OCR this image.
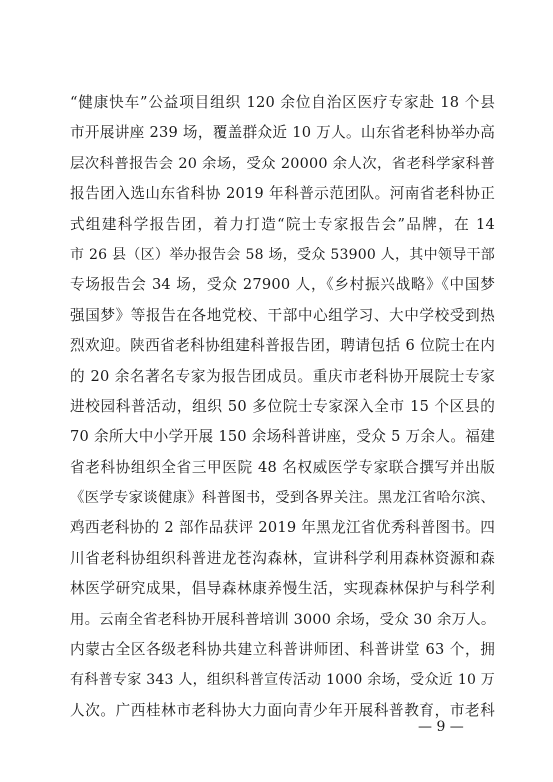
“健康快车”公益项目组织 120 余位自治区医疗专家赴 18 个县
市开展讲座 239 场，覆盖群众近 10 万人。山东省老科协举办高
层次科普报告会 20 余场，受众 20000 余人次，省老科学家科普
报告团入选山东省科协 2019 年科普示范团队。河南省老科协正
式组建科学报告团，着力打造“院士专家报告会”品牌，在 14
市 26 县（区）举办报告会 58 场，受众 53900 人，其中领导干部
专场报告会 34 场，受众 27900 人，《乡村振兴战略》《中国梦
强国梦》等报告在各地党校、干部中心组学习、大中学校受到热
烈欢迎。陕西省老科协组建科普报告团，聘请包括 6 位院士在内
的 20 余名著名专家为报告团成员。重庆市老科协开展院士专家
进校园科普活动，组织 50 多位院士专家深入全市 15 个区县的
70 余所大中小学开展 150 余场科普讲座，受众 5 万余人。福建
省老科协组织全省三甲医院 48 名权威医学专家联合撰写并出版
《医学专家谈健康》科普图书，受到各界关注。黑龙江省哈尔滨、
鸡西老科协的 2 部作品获评 2019 年黑龙江省优秀科普图书。四
川省老科协组织科普进龙苍沟森林，宣讲科学利用森林资源和森
林医学研究成果，倡导森林康养慢生活，实现森林保护与科学利
用。云南全省老科协开展科普培训 3000 余场，受众 30 余万人。
内蒙古全区各级老科协共建立科普讲师团、科普讲堂 63 个，拥
有科普专家 343 人，组织科普宣传活动 1000 余场，受众近 10 万
人次。广西桂林市老科协大力面向青少年开展科普教育，市老科
— 9 —
